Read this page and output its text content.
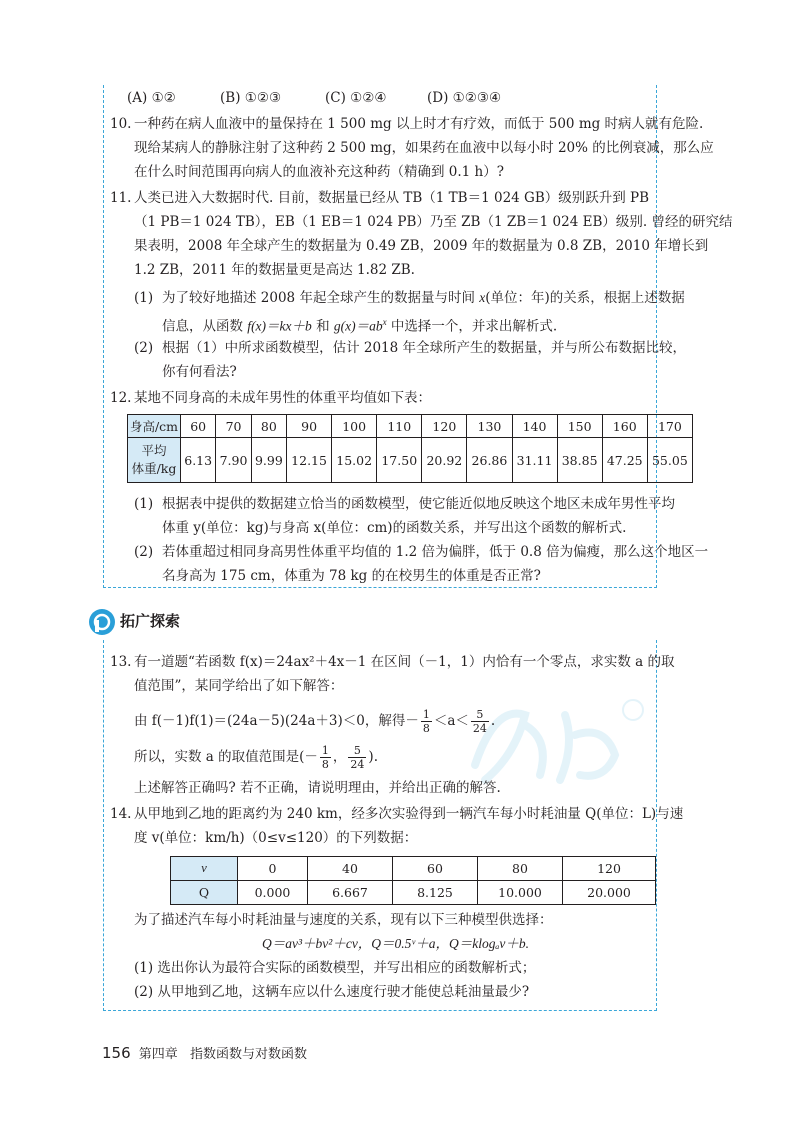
(A) ①②	(B) ①②③	(C) ①②④	(D) ①②③④
10. 一种药在病人血液中的量保持在 1 500 mg 以上时才有疗效，而低于 500 mg 时病人就有危险.
现给某病人的静脉注射了这种药 2 500 mg，如果药在血液中以每小时 20% 的比例衰减，那么应
在什么时间范围再向病人的血液补充这种药（精确到 0.1 h）?
11. 人类已进入大数据时代. 目前，数据量已经从 TB（1 TB＝1 024 GB）级别跃升到 PB
（1 PB＝1 024 TB），EB（1 EB＝1 024 PB）乃至 ZB（1 ZB＝1 024 EB）级别. 曾经的研究结
果表明，2008 年全球产生的数据量为 0.49 ZB，2009 年的数据量为 0.8 ZB，2010 年增长到
1.2 ZB，2011 年的数据量更是高达 1.82 ZB.
(1) 为了较好地描述 2008 年起全球产生的数据量与时间 x(单位：年)的关系，根据上述数据
信息，从函数 f(x)＝kx＋b 和 $g(x)=ab^x$ 中选择一个，并求出解析式.
(2) 根据（1）中所求函数模型，估计 2018 年全球所产生的数据量，并与所公布数据比较，
你有何看法?
12. 某地不同身高的未成年男性的体重平均值如下表：
身高/cm	60	70	80	90	100	110	120	130	140	150	160	170
平均
体重/kg	6.13	7.90	9.99	12.15	15.02	17.50	20.92	26.86	31.11	38.85	47.25	55.05
(1) 根据表中提供的数据建立恰当的函数模型，使它能近似地反映这个地区未成年男性平均
体重 y(单位：kg)与身高 x(单位：cm)的函数关系，并写出这个函数的解析式.
(2) 若体重超过相同身高男性体重平均值的 1.2 倍为偏胖，低于 0.8 倍为偏瘦，那么这个地区一
名身高为 175 cm，体重为 78 kg 的在校男生的体重是否正常?
拓广探索
13. 有一道题“若函数 f(x)＝24ax²＋4x－1 在区间（－1，1）内恰有一个零点，求实数 a 的取
值范围”，某同学给出了如下解答：
由 f(－1)f(1)＝(24a－5)(24a＋3)＜0，解得－ $\frac{1}{8} <a< \frac{5}{24}$ .
所以，实数 a 的取值范围是(－ $\frac{1}{8}$ ， $\frac{5}{24}$ ).
上述解答正确吗? 若不正确，请说明理由，并给出正确的解答.
14. 从甲地到乙地的距离约为 240 km，经多次实验得到一辆汽车每小时耗油量 Q(单位：L)与速
度 v(单位：km/h)（0≤v≤120）的下列数据：
v	0	40	60	80	120
Q	0.000	6.667	8.125	10.000	20.000
为了描述汽车每小时耗油量与速度的关系，现有以下三种模型供选择：
Q＝av³＋bv²＋cv，Q＝0.5ᵛ＋a，Q＝klogₐv＋b.
(1) 选出你认为最符合实际的函数模型，并写出相应的函数解析式；
(2) 从甲地到乙地，这辆车应以什么速度行驶才能使总耗油量最少?
156 第四章 指数函数与对数函数
